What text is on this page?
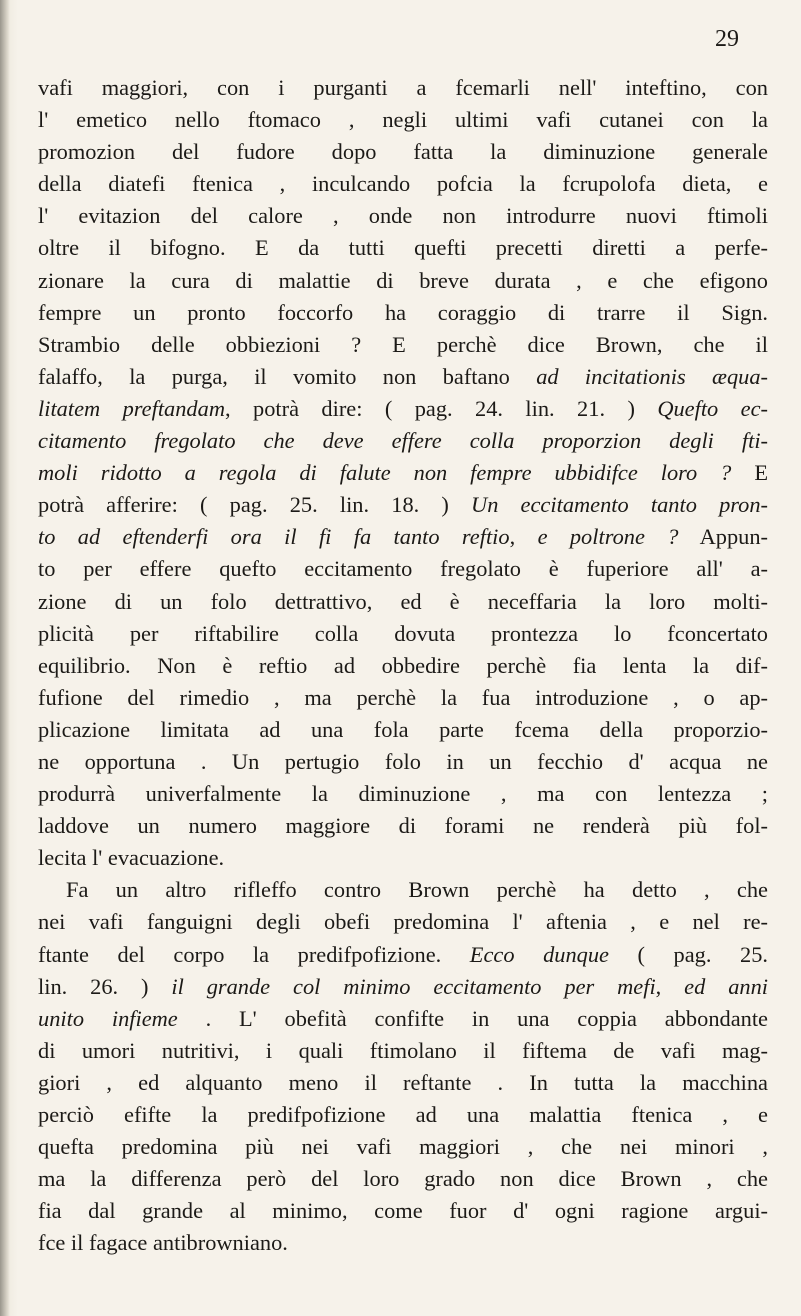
29
vafi maggiori, con i purganti a fcemarli nell' inteftino, con
l' emetico nello ftomaco , negli ultimi vafi cutanei con la
promozion del fudore dopo fatta la diminuzione generale
della diatefi ftenica , inculcando pofcia la fcrupolofa dieta, e
l' evitazion del calore , onde non introdurre nuovi ftimoli
oltre il bifogno. E da tutti quefti precetti diretti a perfe-
zionare la cura di malattie di breve durata , e che efigono
fempre un pronto foccorfo ha coraggio di trarre il Sign.
Strambio delle obbiezioni ? E perchè dice Brown, che il
falaffo, la purga, il vomito non baftano ad incitationis æqua-
litatem preftandam, potrà dire: ( pag. 24. lin. 21. ) Quefto ec-
citamento fregolato che deve effere colla proporzion degli fti-
moli ridotto a regola di falute non fempre ubbidifce loro ? E
potrà afferire: ( pag. 25. lin. 18. ) Un eccitamento tanto pron-
to ad eftenderfi ora il fi fa tanto reftio, e poltrone ? Appun-
to per effere quefto eccitamento fregolato è fuperiore all' a-
zione di un folo dettrattivo, ed è neceffaria la loro molti-
plicità per riftabilire colla dovuta prontezza lo fconcertato
equilibrio. Non è reftio ad obbedire perchè fia lenta la dif-
fufione del rimedio , ma perchè la fua introduzione , o ap-
plicazione limitata ad una fola parte fcema della proporzio-
ne opportuna . Un pertugio folo in un fecchio d' acqua ne
produrrà univerfalmente la diminuzione , ma con lentezza ;
laddove un numero maggiore di forami ne renderà più fol-
lecita l' evacuazione.
Fa un altro rifleffo contro Brown perchè ha detto , che
nei vafi fanguigni degli obefi predomina l' aftenia , e nel re-
ftante del corpo la predifpofizione. Ecco dunque ( pag. 25.
lin. 26. ) il grande col minimo eccitamento per mefi, ed anni
unito infieme . L' obefità confifte in una coppia abbondante
di umori nutritivi, i quali ftimolano il fiftema de vafi mag-
giori , ed alquanto meno il reftante . In tutta la macchina
perciò efifte la predifpofizione ad una malattia ftenica , e
quefta predomina più nei vafi maggiori , che nei minori ,
ma la differenza però del loro grado non dice Brown , che
fia dal grande al minimo, come fuor d' ogni ragione argui-
fce il fagace antibrowniano.
